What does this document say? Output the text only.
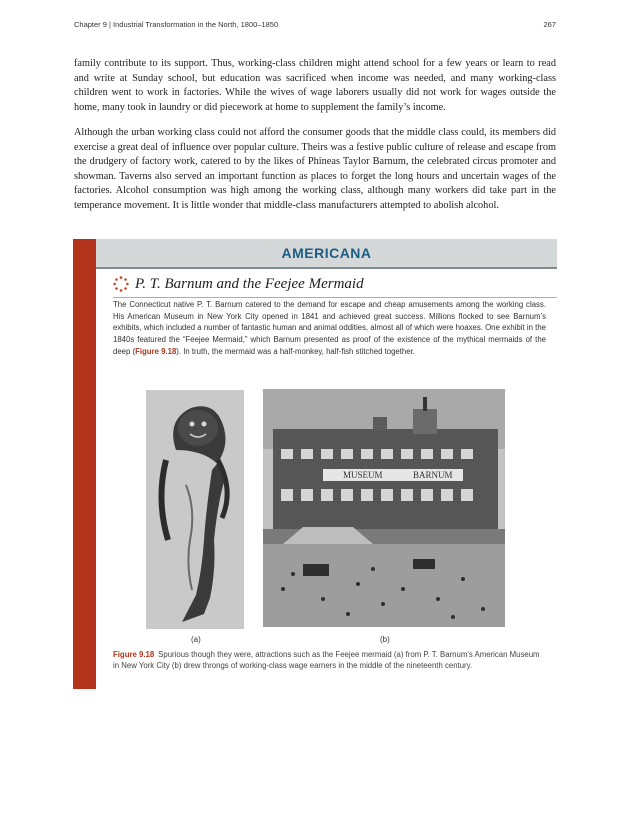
Chapter 9 | Industrial Transformation in the North, 1800–1850	267

family contribute to its support. Thus, working-class children might attend school for a few years or learn to read and write at Sunday school, but education was sacrificed when income was needed, and many working-class children went to work in factories. While the wives of wage laborers usually did not work for wages outside the home, many took in laundry or did piecework at home to supplement the family’s income.

Although the urban working class could not afford the consumer goods that the middle class could, its members did exercise a great deal of influence over popular culture. Theirs was a festive public culture of release and escape from the drudgery of factory work, catered to by the likes of Phineas Taylor Barnum, the celebrated circus promoter and showman. Taverns also served an important function as places to forget the long hours and uncertain wages of the factories. Alcohol consumption was high among the working class, although many workers did take part in the temperance movement. It is little wonder that middle-class manufacturers attempted to abolish alcohol.

AMERICANA
P. T. Barnum and the Feejee Mermaid

The Connecticut native P. T. Barnum catered to the demand for escape and cheap amusements among the working class. His American Museum in New York City opened in 1841 and achieved great success. Millions flocked to see Barnum’s exhibits, which included a number of fantastic human and animal oddities, almost all of which were hoaxes. One exhibit in the 1840s featured the “Feejee Mermaid,” which Barnum presented as proof of the existence of the mythical mermaids of the deep (Figure 9.18). In truth, the mermaid was a half-monkey, half-fish stitched together.

MUSEUM	BARNUM
(a)	(b)

Figure 9.18 Spurious though they were, attractions such as the Feejee mermaid (a) from P. T. Barnum’s American Museum in New York City (b) drew throngs of working-class wage earners in the middle of the nineteenth century.
